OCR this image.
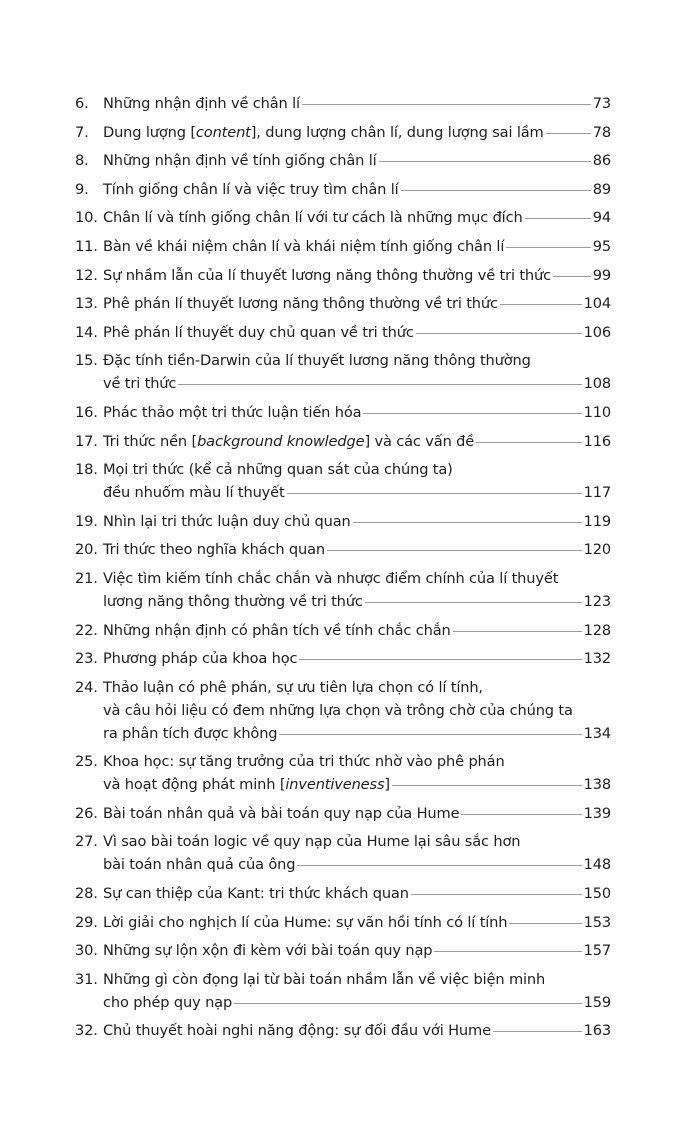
6. Những nhận định về chân lí	73
7. Dung lượng [content], dung lượng chân lí, dung lượng sai lầm	78
8. Những nhận định về tính giống chân lí	86
9. Tính giống chân lí và việc truy tìm chân lí	89
10. Chân lí và tính giống chân lí với tư cách là những mục đích	94
11. Bàn về khái niệm chân lí và khái niệm tính giống chân lí	95
12. Sự nhầm lẫn của lí thuyết lương năng thông thường về tri thức	99
13. Phê phán lí thuyết lương năng thông thường về tri thức	104
14. Phê phán lí thuyết duy chủ quan về tri thức	106
15. Đặc tính tiền-Darwin của lí thuyết lương năng thông thường
về tri thức	108
16. Phác thảo một tri thức luận tiến hóa	110
17. Tri thức nền [background knowledge] và các vấn đề	116
18. Mọi tri thức (kể cả những quan sát của chúng ta)
đều nhuốm màu lí thuyết	117
19. Nhìn lại tri thức luận duy chủ quan	119
20. Tri thức theo nghĩa khách quan	120
21. Việc tìm kiếm tính chắc chắn và nhược điểm chính của lí thuyết
lương năng thông thường về tri thức	123
22. Những nhận định có phân tích về tính chắc chắn	128
23. Phương pháp của khoa học	132
24. Thảo luận có phê phán, sự ưu tiên lựa chọn có lí tính,
và câu hỏi liệu có đem những lựa chọn và trông chờ của chúng ta
ra phân tích được không	134
25. Khoa học: sự tăng trưởng của tri thức nhờ vào phê phán
và hoạt động phát minh [inventiveness]	138
26. Bài toán nhân quả và bài toán quy nạp của Hume	139
27. Vì sao bài toán logic về quy nạp của Hume lại sâu sắc hơn
bài toán nhân quả của ông	148
28. Sự can thiệp của Kant: tri thức khách quan	150
29. Lời giải cho nghịch lí của Hume: sự vãn hồi tính có lí tính	153
30. Những sự lộn xộn đi kèm với bài toán quy nạp	157
31. Những gì còn đọng lại từ bài toán nhầm lẫn về việc biện minh
cho phép quy nạp	159
32. Chủ thuyết hoài nghi năng động: sự đối đầu với Hume	163
